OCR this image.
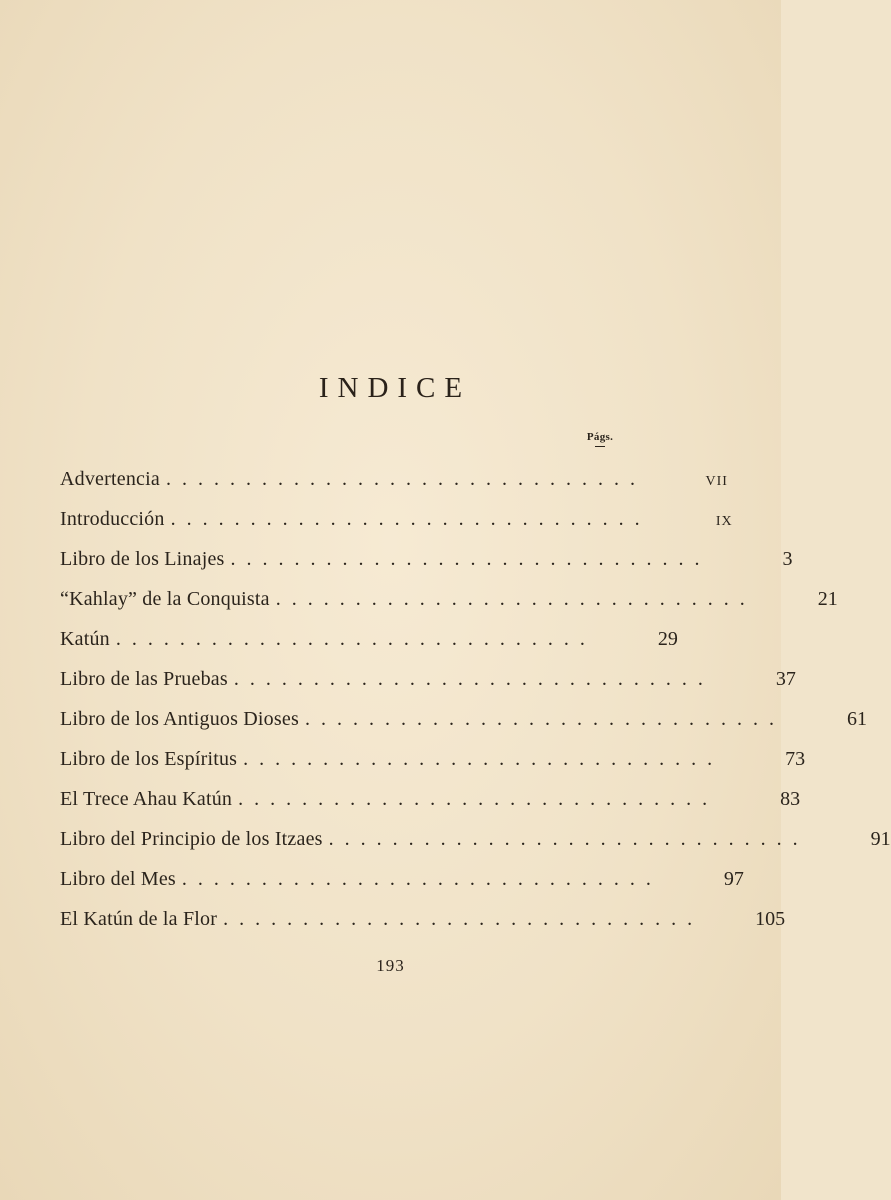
INDICE
Págs.
Advertencia ..............................	vii
Introducción ..............................	ix
Libro de los Linajes ..............................	3
“Kahlay” de la Conquista ..............................	21
Katún ..............................	29
Libro de las Pruebas ..............................	37
Libro de los Antiguos Dioses ..............................	61
Libro de los Espíritus ..............................	73
El Trece Ahau Katún ..............................	83
Libro del Principio de los Itzaes ..............................	91
Libro del Mes ..............................	97
El Katún de la Flor ..............................	105
193
